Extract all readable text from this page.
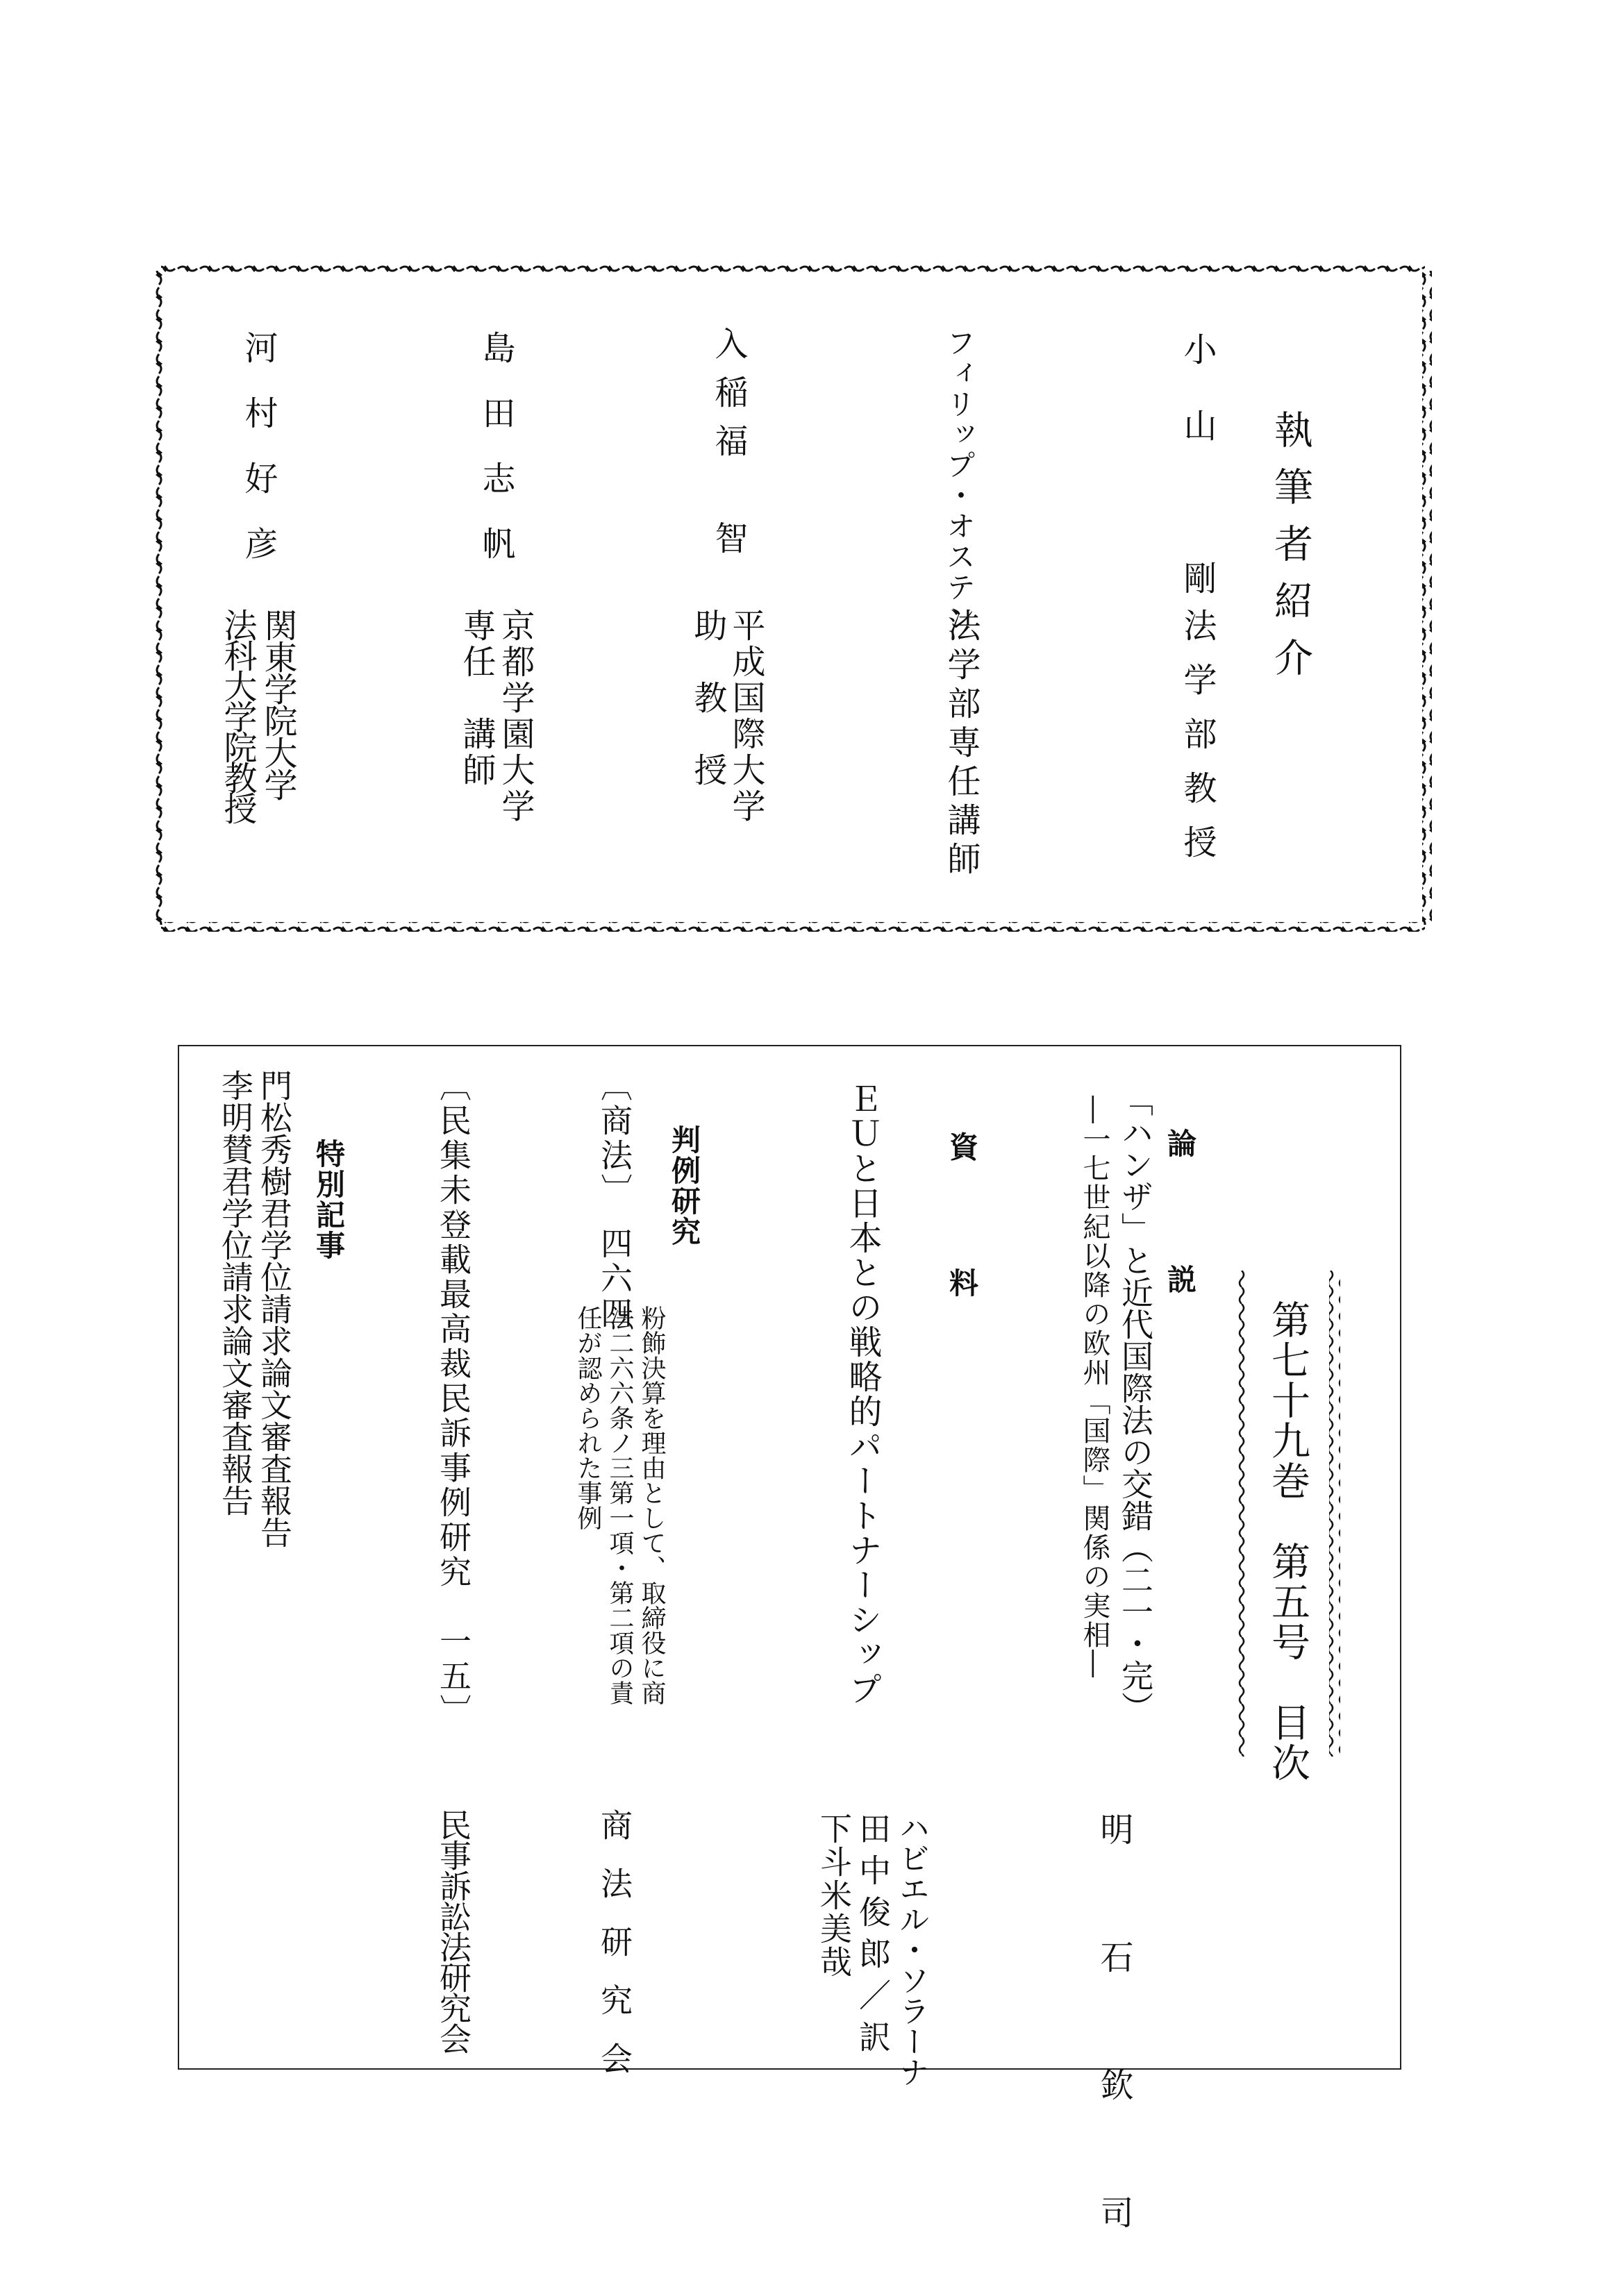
執筆者紹介
小山　剛
法学部教授
フィリップ・オステン
法学部専任講師
入稲福　智
平成国際大学
助　教　授
島田志帆
京都学園大学
専任　講師
河村好彦
関東学院大学
法科大学院教授
第七十九巻　第五号　目次
論　説
「ハンザ」と近代国際法の交錯（二一・完）
―一七世紀以降の欧州「国際」関係の実相―
明　石　欽　司
資　料
ＥＵと日本との戦略的パートナーシップ
ハビエル・ソラーナ
田中俊郎／訳
下斗米美哉
判例研究
〔商法〕　四六四
粉飾決算を理由として、取締役に商
法二六六条ノ三第一項・第二項の責
任が認められた事例
商法研究会
〔民集未登載最高裁民訴事例研究　一五〕
民事訴訟法研究会
特別記事
門松秀樹君学位請求論文審査報告
李明賛君学位請求論文審査報告
